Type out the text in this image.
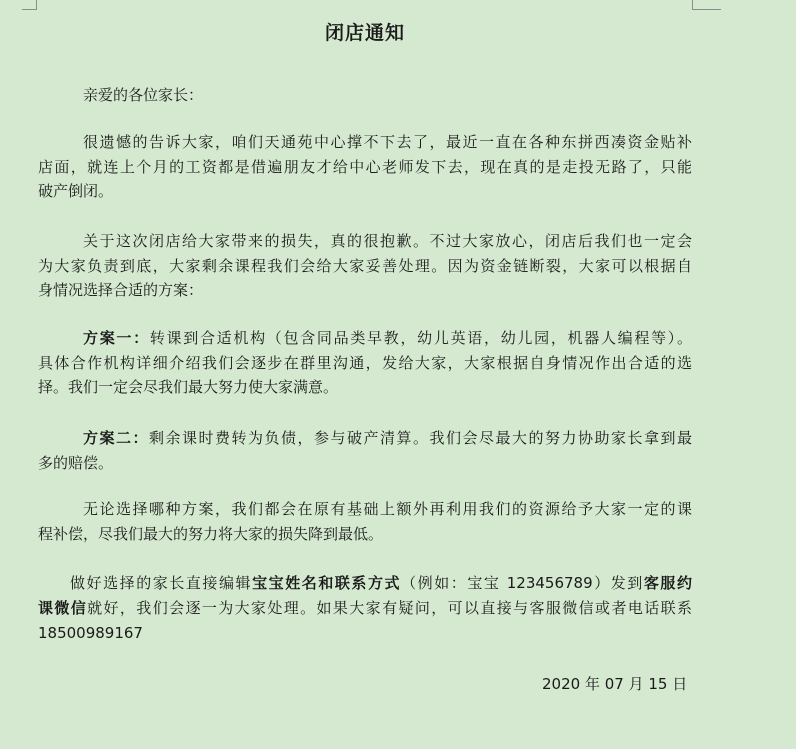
闭店通知
亲爱的各位家长：
很遗憾的告诉大家，咱们天通苑中心撑不下去了，最近一直在各种东拼西凑资金贴补
店面，就连上个月的工资都是借遍朋友才给中心老师发下去，现在真的是走投无路了，只能
破产倒闭。
关于这次闭店给大家带来的损失，真的很抱歉。不过大家放心，闭店后我们也一定会
为大家负责到底，大家剩余课程我们会给大家妥善处理。因为资金链断裂，大家可以根据自
身情况选择合适的方案：
方案一：转课到合适机构（包含同品类早教，幼儿英语，幼儿园，机器人编程等）。
具体合作机构详细介绍我们会逐步在群里沟通，发给大家，大家根据自身情况作出合适的选
择。我们一定会尽我们最大努力使大家满意。
方案二：剩余课时费转为负债，参与破产清算。我们会尽最大的努力协助家长拿到最
多的赔偿。
无论选择哪种方案，我们都会在原有基础上额外再利用我们的资源给予大家一定的课
程补偿，尽我们最大的努力将大家的损失降到最低。
做好选择的家长直接编辑宝宝姓名和联系方式（例如：宝宝 123456789）发到客服约
课微信就好，我们会逐一为大家处理。如果大家有疑问，可以直接与客服微信或者电话联系
18500989167
2020 年 07 月 15 日
